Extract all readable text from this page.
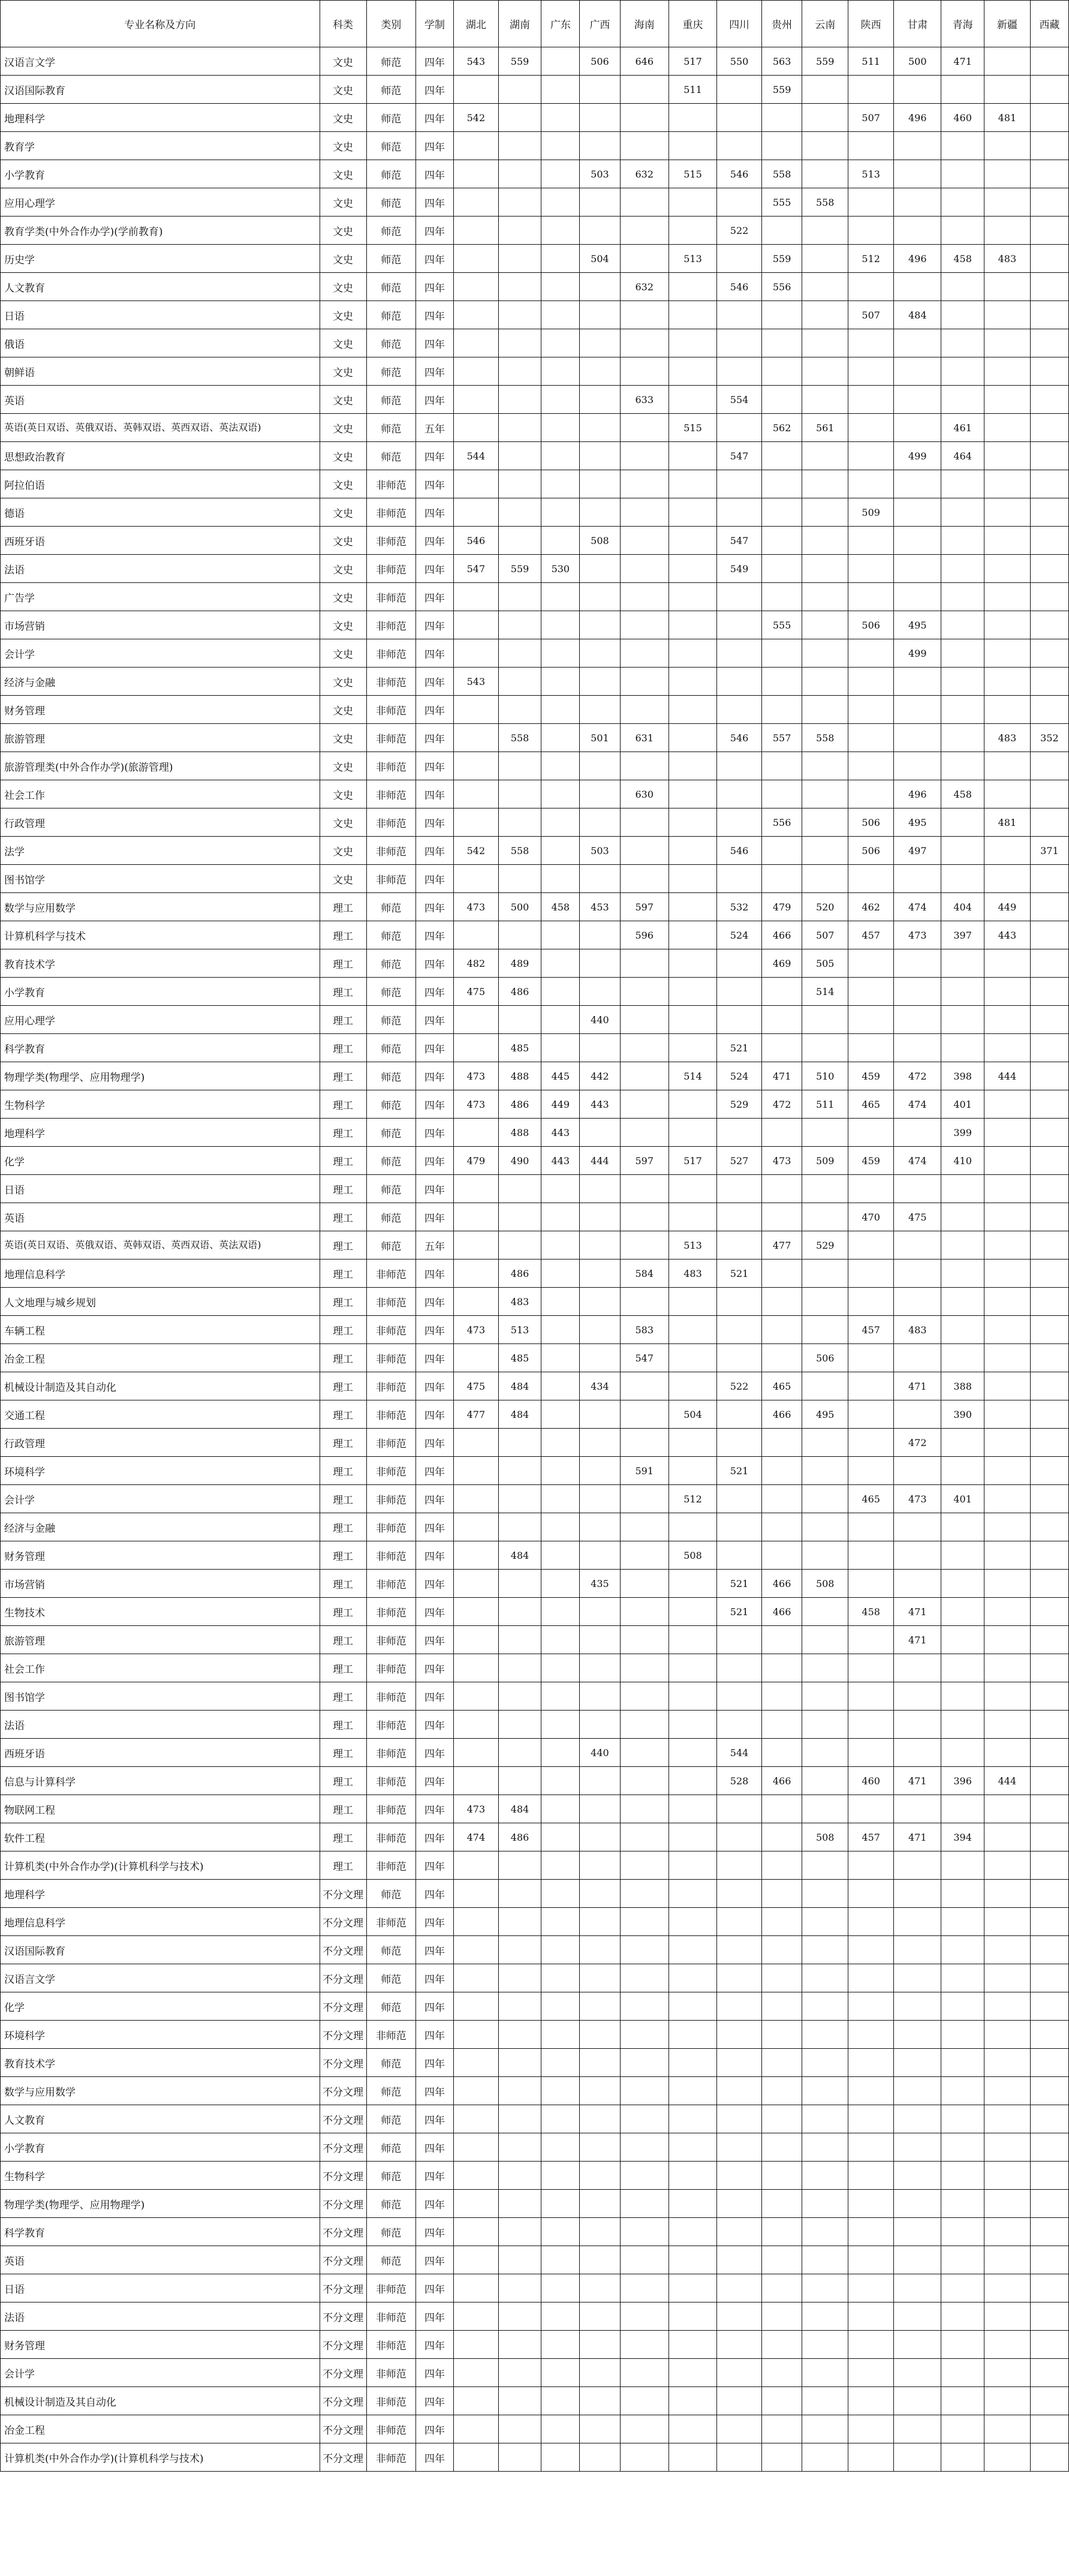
专业名称及方向	科类	类别	学制	湖北	湖南	广东	广西	海南	重庆	四川	贵州	云南	陕西	甘肃	青海	新疆	西藏
汉语言文学	文史	师范	四年	543	559		506	646	517	550	563	559	511	500	471		
汉语国际教育	文史	师范	四年						511		559						
地理科学	文史	师范	四年	542									507	496	460	481	
教育学	文史	师范	四年														
小学教育	文史	师范	四年				503	632	515	546	558		513				
应用心理学	文史	师范	四年								555	558					
教育学类(中外合作办学)(学前教育)	文史	师范	四年							522							
历史学	文史	师范	四年				504		513		559		512	496	458	483	
人文教育	文史	师范	四年					632		546	556						
日语	文史	师范	四年										507	484			
俄语	文史	师范	四年														
朝鲜语	文史	师范	四年														
英语	文史	师范	四年					633		554							
英语(英日双语、英俄双语、英韩双语、英西双语、英法双语)	文史	师范	五年						515		562	561			461		
思想政治教育	文史	师范	四年	544						547				499	464		
阿拉伯语	文史	非师范	四年														
德语	文史	非师范	四年										509				
西班牙语	文史	非师范	四年	546			508			547							
法语	文史	非师范	四年	547	559	530				549							
广告学	文史	非师范	四年														
市场营销	文史	非师范	四年								555		506	495			
会计学	文史	非师范	四年											499			
经济与金融	文史	非师范	四年	543													
财务管理	文史	非师范	四年														
旅游管理	文史	非师范	四年		558		501	631		546	557	558				483	352
旅游管理类(中外合作办学)(旅游管理)	文史	非师范	四年														
社会工作	文史	非师范	四年					630						496	458		
行政管理	文史	非师范	四年								556		506	495		481	
法学	文史	非师范	四年	542	558		503			546			506	497			371
图书馆学	文史	非师范	四年														
数学与应用数学	理工	师范	四年	473	500	458	453	597		532	479	520	462	474	404	449	
计算机科学与技术	理工	师范	四年					596		524	466	507	457	473	397	443	
教育技术学	理工	师范	四年	482	489						469	505					
小学教育	理工	师范	四年	475	486							514					
应用心理学	理工	师范	四年				440										
科学教育	理工	师范	四年		485					521							
物理学类(物理学、应用物理学)	理工	师范	四年	473	488	445	442		514	524	471	510	459	472	398	444	
生物科学	理工	师范	四年	473	486	449	443			529	472	511	465	474	401		
地理科学	理工	师范	四年		488	443									399		
化学	理工	师范	四年	479	490	443	444	597	517	527	473	509	459	474	410		
日语	理工	师范	四年														
英语	理工	师范	四年										470	475			
英语(英日双语、英俄双语、英韩双语、英西双语、英法双语)	理工	师范	五年						513		477	529					
地理信息科学	理工	非师范	四年		486			584	483	521							
人文地理与城乡规划	理工	非师范	四年		483												
车辆工程	理工	非师范	四年	473	513			583					457	483			
冶金工程	理工	非师范	四年		485			547				506					
机械设计制造及其自动化	理工	非师范	四年	475	484		434			522	465			471	388		
交通工程	理工	非师范	四年	477	484				504		466	495			390		
行政管理	理工	非师范	四年											472			
环境科学	理工	非师范	四年					591		521							
会计学	理工	非师范	四年						512				465	473	401		
经济与金融	理工	非师范	四年														
财务管理	理工	非师范	四年		484				508								
市场营销	理工	非师范	四年				435			521	466	508					
生物技术	理工	非师范	四年							521	466		458	471			
旅游管理	理工	非师范	四年											471			
社会工作	理工	非师范	四年														
图书馆学	理工	非师范	四年														
法语	理工	非师范	四年														
西班牙语	理工	非师范	四年				440			544							
信息与计算科学	理工	非师范	四年							528	466		460	471	396	444	
物联网工程	理工	非师范	四年	473	484												
软件工程	理工	非师范	四年	474	486							508	457	471	394		
计算机类(中外合作办学)(计算机科学与技术)	理工	非师范	四年														
地理科学	不分文理	师范	四年														
地理信息科学	不分文理	非师范	四年														
汉语国际教育	不分文理	师范	四年														
汉语言文学	不分文理	师范	四年														
化学	不分文理	师范	四年														
环境科学	不分文理	非师范	四年														
教育技术学	不分文理	师范	四年														
数学与应用数学	不分文理	师范	四年														
人文教育	不分文理	师范	四年														
小学教育	不分文理	师范	四年														
生物科学	不分文理	师范	四年														
物理学类(物理学、应用物理学)	不分文理	师范	四年														
科学教育	不分文理	师范	四年														
英语	不分文理	师范	四年														
日语	不分文理	非师范	四年														
法语	不分文理	非师范	四年														
财务管理	不分文理	非师范	四年														
会计学	不分文理	非师范	四年														
机械设计制造及其自动化	不分文理	非师范	四年														
冶金工程	不分文理	非师范	四年														
计算机类(中外合作办学)(计算机科学与技术)	不分文理	非师范	四年														
